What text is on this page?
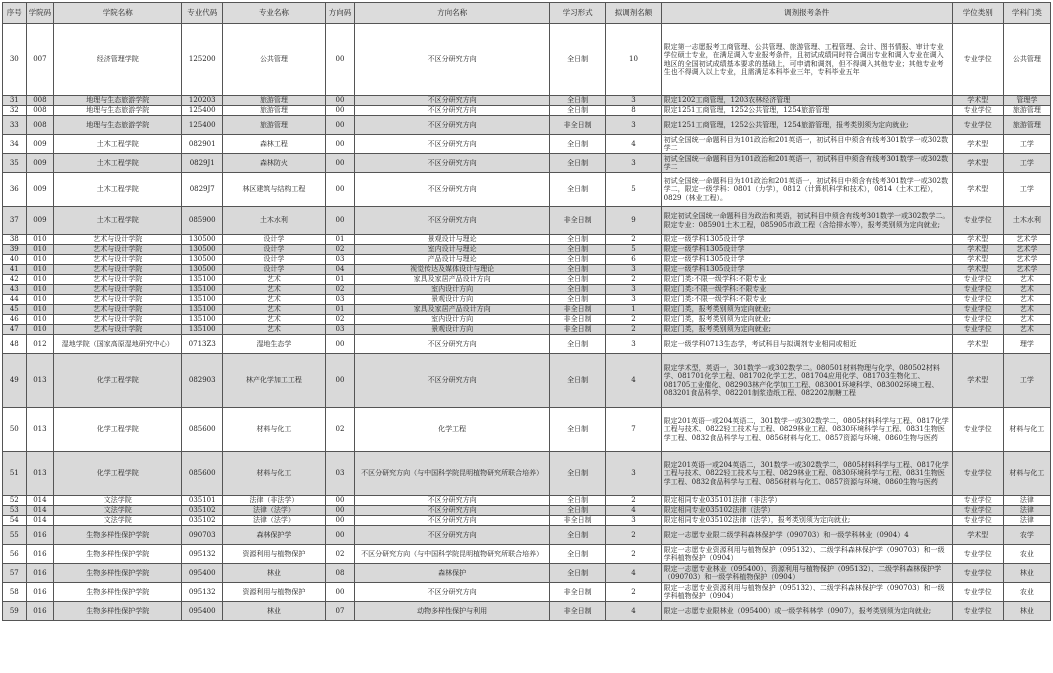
序号	学院码	学院名称	专业代码	专业名称	方向码	方向名称	学习形式	拟调剂名额	调剂报考条件	学位类别	学科门类
30	007	经济管理学院	125200	公共管理	00	不区分研究方向	全日制	10	限定第一志愿报考工商管理、公共管理、旅游管理、工程管理、会计、图书情报、审计专业学位硕士专业，在满足调入专业报考条件，且初试成绩同时符合调出专业和调入专业在调入地区的全国初试成绩基本要求的基础上，可申请和调剂，但不得调入其他专业；其他专业考生也不得调入以上专业，且需满足本科毕业三年，专科毕业五年	专业学位	公共管理
31	008	地理与生态旅游学院	120203	旅游管理	00	不区分研究方向	全日制	3	限定1202工商管理，1203农林经济管理	学术型	管理学
32	008	地理与生态旅游学院	125400	旅游管理	00	不区分研究方向	全日制	8	限定1251工商管理，1252公共管理，1254旅游管理	专业学位	旅游管理
33	008	地理与生态旅游学院	125400	旅游管理	00	不区分研究方向	非全日制	3	限定1251工商管理，1252公共管理，1254旅游管理，报考类别须为定向就业;	专业学位	旅游管理
34	009	土木工程学院	082901	森林工程	00	不区分研究方向	全日制	4	初试全国统一命题科目为101政治和201英语一，初试科目中须含有线考301数学一或302数学二	学术型	工学
35	009	土木工程学院	0829J1	森林防火	00	不区分研究方向	全日制	3	初试全国统一命题科目为101政治和201英语一，初试科目中须含有线考301数学一或302数学二	学术型	工学
36	009	土木工程学院	0829J7	林区建筑与结构工程	00	不区分研究方向	全日制	5	初试全国统一命题科目为101政治和201英语一，初试科目中须含有线考301数学一或302数学二，限定一级学科：0801（力学），0812（计算机科学和技术），0814（土木工程），0829（林业工程）。	学术型	工学
37	009	土木工程学院	085900	土木水利	00	不区分研究方向	非全日制	9	限定初试全国统一命题科目为政治和英语，初试科目中须含有线考301数学一或302数学二。限定专业：085901土木工程，085905市政工程（含给排水等），报考类别须为定向就业;	专业学位	土木水利
38	010	艺术与设计学院	130500	设计学	01	景观设计与理论	全日制	2	限定一级学科1305设计学	学术型	艺术学
39	010	艺术与设计学院	130500	设计学	02	室内设计与理论	全日制	5	限定一级学科1305设计学	学术型	艺术学
40	010	艺术与设计学院	130500	设计学	03	产品设计与理论	全日制	6	限定一级学科1305设计学	学术型	艺术学
41	010	艺术与设计学院	130500	设计学	04	视觉传达及媒体设计与理论	全日制	3	限定一级学科1305设计学	学术型	艺术学
42	010	艺术与设计学院	135100	艺术	01	家具及家居产品设计方向	全日制	2	限定门类:不限一级学科:不限专业	专业学位	艺术
43	010	艺术与设计学院	135100	艺术	02	室内设计方向	全日制	3	限定门类:不限一级学科:不限专业	专业学位	艺术
44	010	艺术与设计学院	135100	艺术	03	景观设计方向	全日制	3	限定门类:不限一级学科:不限专业	专业学位	艺术
45	010	艺术与设计学院	135100	艺术	01	家具及家居产品设计方向	非全日制	1	限定门类，报考类别须为定向就业;	专业学位	艺术
46	010	艺术与设计学院	135100	艺术	02	室内设计方向	非全日制	2	限定门类，报考类别须为定向就业;	专业学位	艺术
47	010	艺术与设计学院	135100	艺术	03	景观设计方向	非全日制	2	限定门类，报考类别须为定向就业;	专业学位	艺术
48	012	湿地学院（国家高原湿地研究中心）	0713Z3	湿地生态学	00	不区分研究方向	全日制	3	限定一级学科0713生态学，考试科目与拟调剂专业相同或相近	学术型	理学
49	013	化学工程学院	082903	林产化学加工工程	00	不区分研究方向	全日制	4	限定学术型，英语一，301数学一或302数学二。080501材料物理与化学、080502材料学、081701化学工程、081702化学工艺、081704应用化学、081703生物化工、081705工业催化、082903林产化学加工工程、083001环境科学、083002环境工程、083201食品科学、082201制浆造纸工程、082202制糖工程	学术型	工学
50	013	化学工程学院	085600	材料与化工	02	化学工程	全日制	7	限定201英语一或204英语二，301数学一或302数学二，0805材料科学与工程、0817化学工程与技术、0822轻工技术与工程、0829林业工程、0830环境科学与工程、0831生物医学工程、0832食品科学与工程、0856材料与化工、0857资源与环境、0860生物与医药	专业学位	材料与化工
51	013	化学工程学院	085600	材料与化工	03	不区分研究方向（与中国科学院昆明植物研究所联合培养）	全日制	3	限定201英语一或204英语二，301数学一或302数学二，0805材料科学与工程、0817化学工程与技术、0822轻工技术与工程、0829林业工程、0830环境科学与工程、0831生物医学工程、0832食品科学与工程、0856材料与化工、0857资源与环境、0860生物与医药	专业学位	材料与化工
52	014	文法学院	035101	法律（非法学）	00	不区分研究方向	全日制	2	限定相同专业035101法律（非法学）	专业学位	法律
53	014	文法学院	035102	法律（法学）	00	不区分研究方向	全日制	4	限定相同专业035102法律（法学）	专业学位	法律
54	014	文法学院	035102	法律（法学）	00	不区分研究方向	非全日制	3	限定相同专业035102法律（法学），报考类别须为定向就业;	专业学位	法律
55	016	生物多样性保护学院	090703	森林保护学	00	不区分研究方向	全日制	2	限定一志愿专业限二级学科森林保护学（090703）和一级学科林业（0904）4	学术型	农学
56	016	生物多样性保护学院	095132	资源利用与植物保护	02	不区分研究方向（与中国科学院昆明植物研究所联合培养）	全日制	2	限定一志愿专业资源利用与植物保护（095132）、二级学科森林保护学（090703）和一级学科植物保护（0904）	专业学位	农业
57	016	生物多样性保护学院	095400	林业	08	森林保护	全日制	4	限定一志愿专业林业（095400）、资源利用与植物保护（095132）、二级学科森林保护学（090703）和一级学科植物保护（0904）	专业学位	林业
58	016	生物多样性保护学院	095132	资源利用与植物保护	00	不区分研究方向	非全日制	2	限定一志愿专业资源利用与植物保护（095132）、二级学科森林保护学（090703）和一级学科植物保护（0904）	专业学位	农业
59	016	生物多样性保护学院	095400	林业	07	动物多样性保护与利用	非全日制	4	限定一志愿专业限林业（095400）或一级学科林学（0907），报考类别须为定向就业;	专业学位	林业
